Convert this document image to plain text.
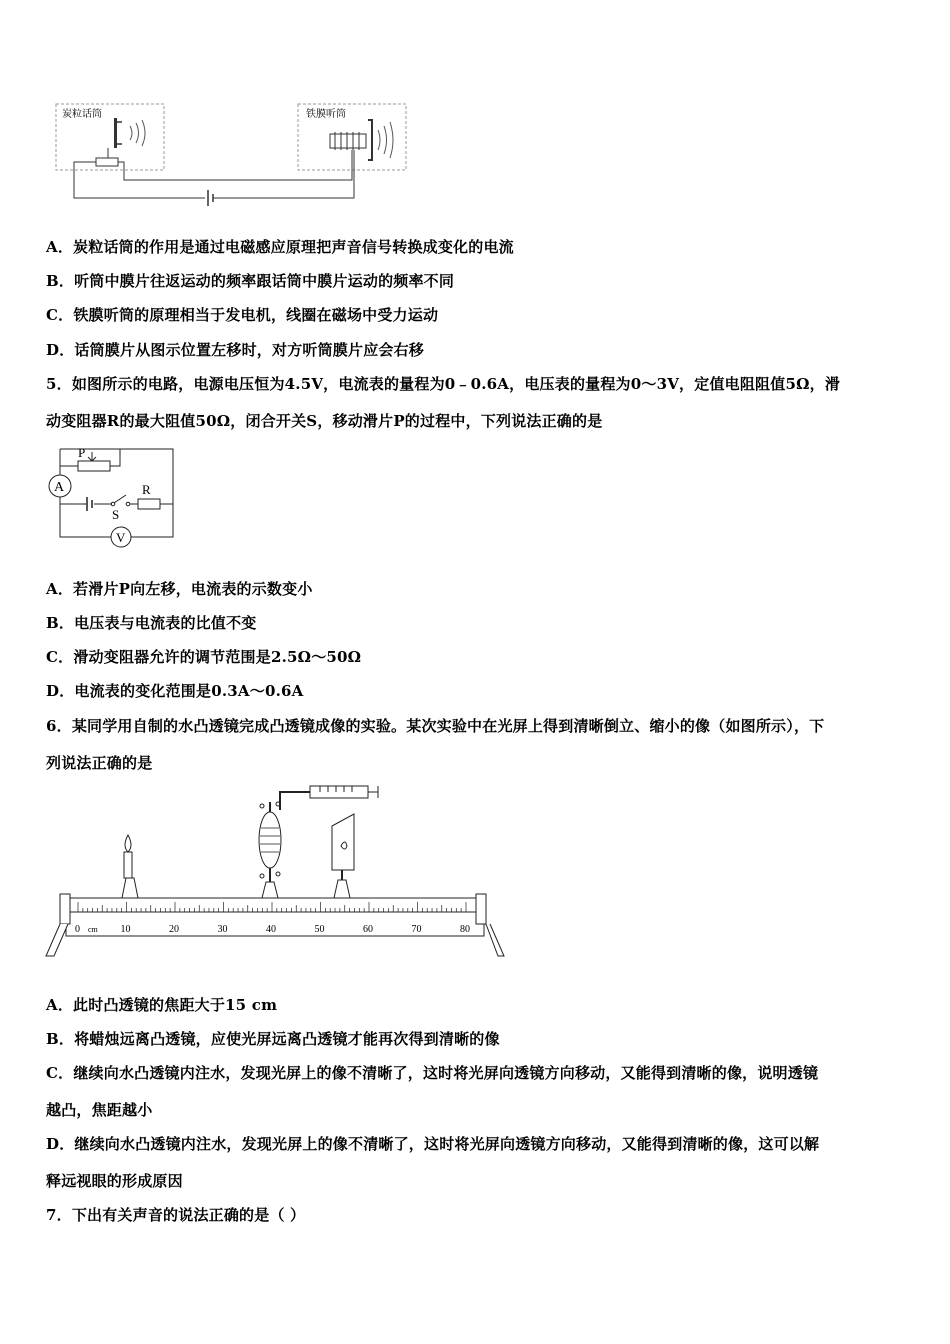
炭粒话筒	铁膜听筒
A．炭粒话筒的作用是通过电磁感应原理把声音信号转换成变化的电流
B．听筒中膜片往返运动的频率跟话筒中膜片运动的频率不同
C．铁膜听筒的原理相当于发电机，线圈在磁场中受力运动
D．话筒膜片从图示位置左移时，对方听筒膜片应会右移
5．如图所示的电路，电源电压恒为4.5V，电流表的量程为0﹣0.6A，电压表的量程为0～3V，定值电阻阻值5Ω，滑
动变阻器R的最大阻值50Ω，闭合开关S，移动滑片P的过程中，下列说法正确的是
P
A
S
R
V
A．若滑片P向左移，电流表的示数变小
B．电压表与电流表的比值不变
C．滑动变阻器允许的调节范围是2.5Ω～50Ω
D．电流表的变化范围是0.3A～0.6A
6．某同学用自制的水凸透镜完成凸透镜成像的实验。某次实验中在光屏上得到清晰倒立、缩小的像（如图所示），下
列说法正确的是
0	10	20	30	40	50	60	70	80
cm
A．此时凸透镜的焦距大于15 cm
B．将蜡烛远离凸透镜，应使光屏远离凸透镜才能再次得到清晰的像
C．继续向水凸透镜内注水，发现光屏上的像不清晰了，这时将光屏向透镜方向移动，又能得到清晰的像，说明透镜
越凸，焦距越小
D．继续向水凸透镜内注水，发现光屏上的像不清晰了，这时将光屏向透镜方向移动，又能得到清晰的像，这可以解
释远视眼的形成原因
7．下出有关声音的说法正确的是（ ）
